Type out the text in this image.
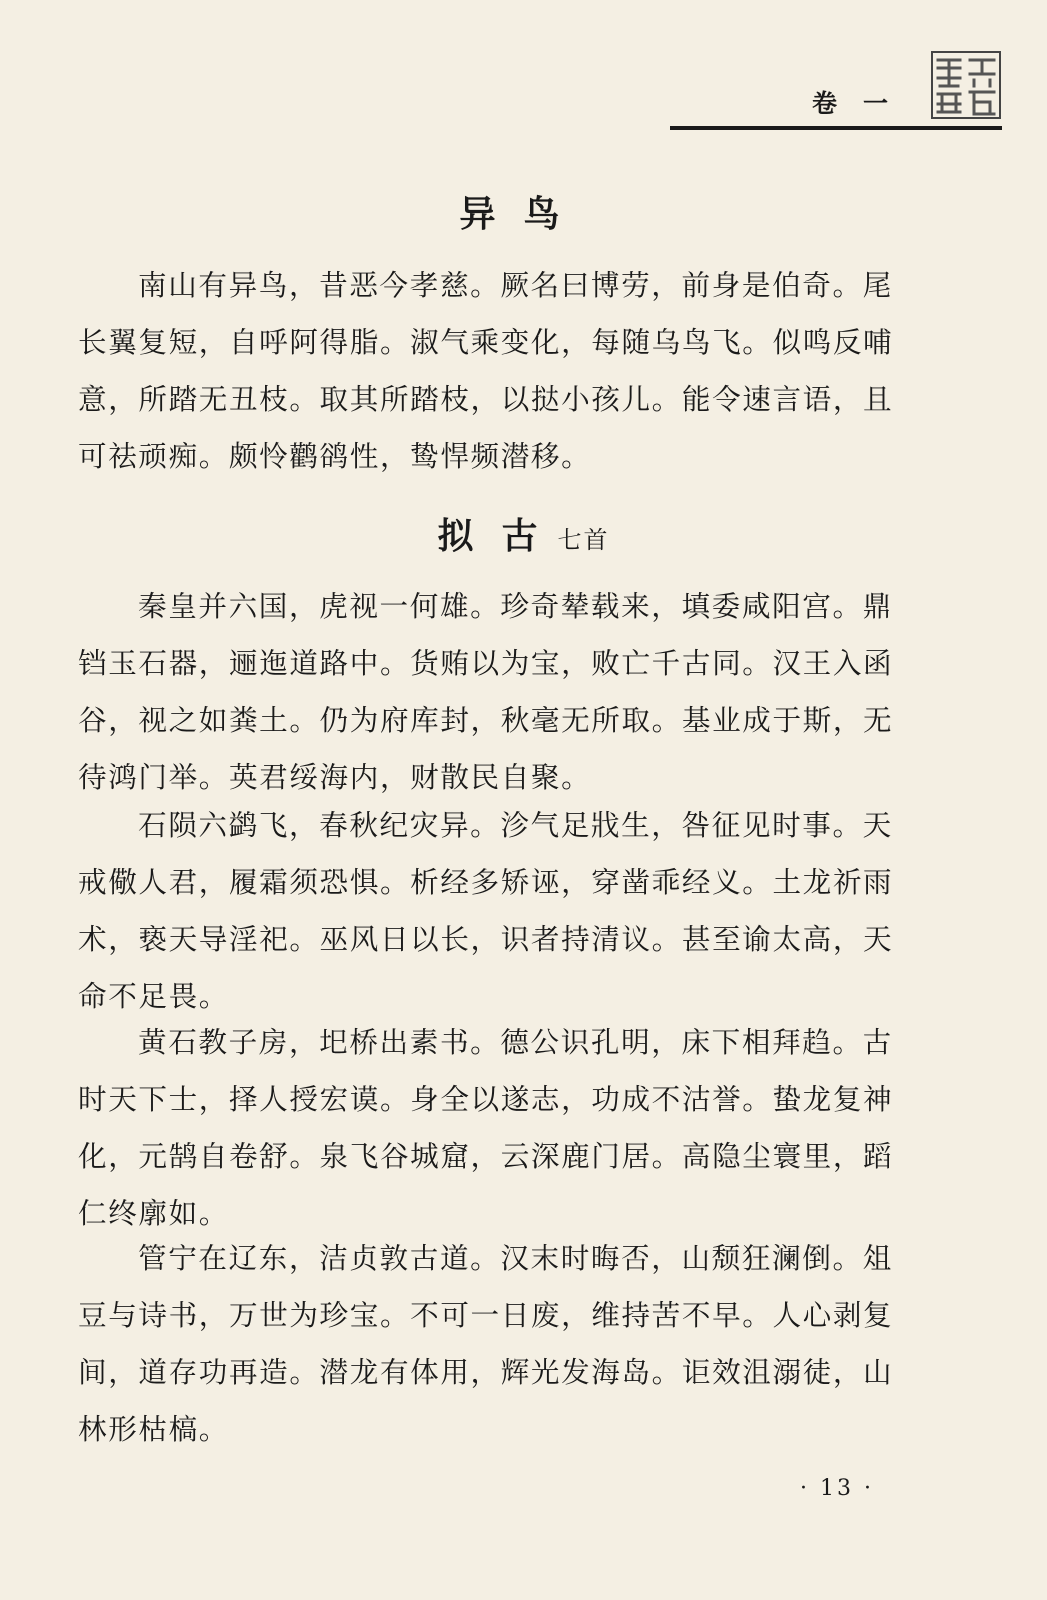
卷 一
异鸟

南山有异鸟，昔恶今孝慈。厥名曰博劳，前身是伯奇。尾长翼复短，自呼阿得脂。淑气乘变化，每随乌鸟飞。似鸣反哺意，所踏无丑枝。取其所踏枝，以挞小孩儿。能令速言语，且可祛顽痴。颇怜鹳鹆性，鸷悍频潜移。

拟古七首

秦皇并六国，虎视一何雄。珍奇辇载来，填委咸阳宫。鼎铛玉石器，逦迤道路中。货贿以为宝，败亡千古同。汉王入函谷，视之如粪土。仍为府库封，秋毫无所取。基业成于斯，无待鸿门举。英君绥海内，财散民自聚。

石陨六鹢飞，春秋纪灾异。沴气足戕生，咎征见时事。天戒儆人君，履霜须恐惧。析经多矫诬，穿凿乖经义。土龙祈雨术，亵天导淫祀。巫风日以长，识者持清议。甚至谕太高，天命不足畏。

黄石教子房，圯桥出素书。德公识孔明，床下相拜趋。古时天下士，择人授宏谟。身全以遂志，功成不沽誉。蛰龙复神化，元鹄自卷舒。泉飞谷城窟，云深鹿门居。高隐尘寰里，蹈仁终廓如。

管宁在辽东，洁贞敦古道。汉末时晦否，山颓狂澜倒。俎豆与诗书，万世为珍宝。不可一日废，维持苦不早。人心剥复间，道存功再造。潜龙有体用，辉光发海岛。讵效沮溺徒，山林形枯槁。

· 13 ·
